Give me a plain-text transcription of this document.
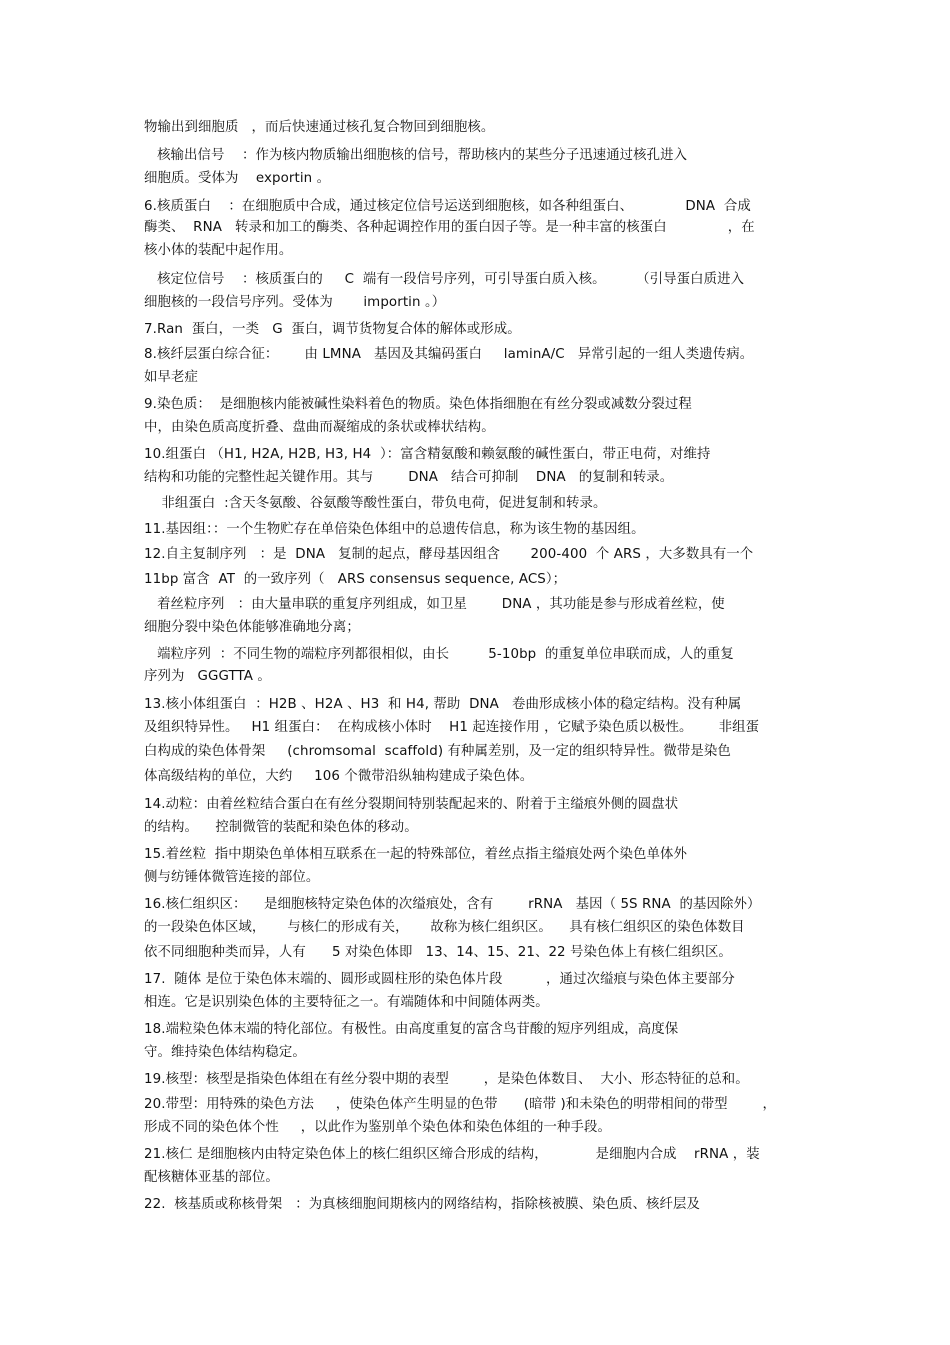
物输出到细胞质   ，而后快速通过核孔复合物回到细胞核。
核输出信号    ：作为核内物质输出细胞核的信号，帮助核内的某些分子迅速通过核孔进入
细胞质。受体为    exportin 。
6.核质蛋白    ：在细胞质中合成，通过核定位信号运送到细胞核，如各种组蛋白、            DNA  合成
酶类、  RNA   转录和加工的酶类、各种起调控作用的蛋白因子等。是一种丰富的核蛋白              ，在
核小体的装配中起作用。
核定位信号    ：核质蛋白的     C  端有一段信号序列，可引导蛋白质入核。       （引导蛋白质进入
细胞核的一段信号序列。受体为       importin 。）
7.Ran  蛋白，一类   G  蛋白，调节货物复合体的解体或形成。
8.核纤层蛋白综合征：      由 LMNA   基因及其编码蛋白     laminA/C   异常引起的一组人类遗传病。
如早老症
9.染色质：  是细胞核内能被碱性染料着色的物质。染色体指细胞在有丝分裂或减数分裂过程
中，由染色质高度折叠、盘曲而凝缩成的条状或棒状结构。
10.组蛋白 （H1, H2A, H2B, H3, H4  ）：富含精氨酸和赖氨酸的碱性蛋白，带正电荷，对维持
结构和功能的完整性起关键作用。其与        DNA   结合可抑制    DNA   的复制和转录。
非组蛋白  :含天冬氨酸、谷氨酸等酸性蛋白，带负电荷，促进复制和转录。
11.基因组：：一个生物贮存在单倍染色体组中的总遗传信息，称为该生物的基因组。
12.自主复制序列   ：是  DNA   复制的起点，酵母基因组含       200-400  个 ARS ，大多数具有一个
11bp 富含  AT  的一致序列（   ARS consensus sequence, ACS）；
着丝粒序列   ：由大量串联的重复序列组成，如卫星        DNA ，其功能是参与形成着丝粒，使
细胞分裂中染色体能够准确地分离；
端粒序列  ：不同生物的端粒序列都很相似，由长         5-10bp  的重复单位串联而成，人的重复
序列为   GGGTTA 。
13.核小体组蛋白  ：H2B 、H2A 、H3  和 H4, 帮助  DNA   卷曲形成核小体的稳定结构。没有种属
及组织特异性。   H1 组蛋白：  在构成核小体时    H1 起连接作用 ，它赋予染色质以极性。      非组蛋
白构成的染色体骨架     (chromsomal  scaffold) 有种属差别，及一定的组织特异性。微带是染色
体高级结构的单位，大约     106 个微带沿纵轴构建成子染色体。
14.动粒：由着丝粒结合蛋白在有丝分裂期间特别装配起来的、附着于主缢痕外侧的圆盘状
的结构。    控制微管的装配和染色体的移动。
15.着丝粒  指中期染色单体相互联系在一起的特殊部位，着丝点指主缢痕处两个染色单体外
侧与纺锤体微管连接的部位。
16.核仁组织区：    是细胞核特定染色体的次缢痕处，含有        rRNA   基因（ 5S RNA  的基因除外）
的一段染色体区域，     与核仁的形成有关，     故称为核仁组织区。    具有核仁组织区的染色体数目
依不同细胞种类而异，人有      5 对染色体即   13、14、15、21、22 号染色体上有核仁组织区。
17.  随体 是位于染色体末端的、圆形或圆柱形的染色体片段          ，通过次缢痕与染色体主要部分
相连。它是识别染色体的主要特征之一。有端随体和中间随体两类。
18.端粒染色体末端的特化部位。有极性。由高度重复的富含鸟苷酸的短序列组成，高度保
守。维持染色体结构稳定。
19.核型：核型是指染色体组在有丝分裂中期的表型        ，是染色体数目、  大小、形态特征的总和。
20.带型：用特殊的染色方法     ，使染色体产生明显的色带      (暗带 )和未染色的明带相间的带型        ，
形成不同的染色体个性     ，以此作为鉴别单个染色体和染色体组的一种手段。
21.核仁 是细胞核内由特定染色体上的核仁组织区缔合形成的结构，           是细胞内合成    rRNA ，装
配核糖体亚基的部位。
22.  核基质或称核骨架   ：为真核细胞间期核内的网络结构，指除核被膜、染色质、核纤层及
